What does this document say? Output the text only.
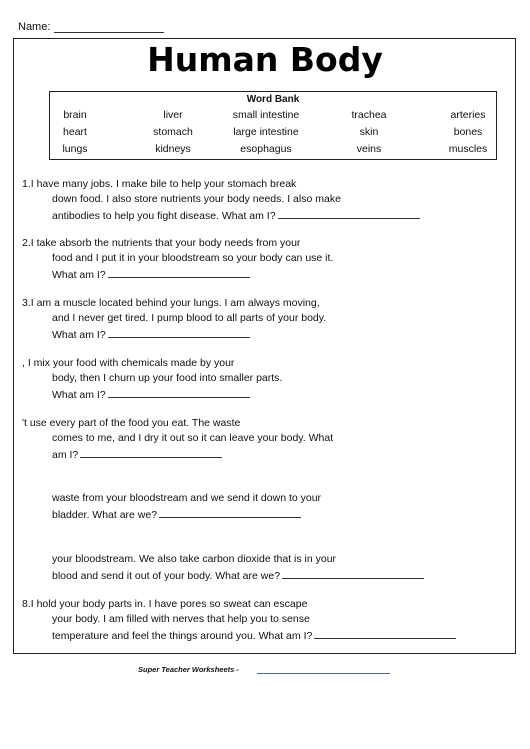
Name:
Human Body
Word Bank
brain	liver	small intestine	trachea	arteries
heart	stomach	large intestine	skin	bones
lungs	kidneys	esophagus	veins	muscles
1.I have many jobs. I make bile to help your stomach break
down food. I also store nutrients your body needs. I also make
antibodies to help you fight disease. What am I?
2.I take absorb the nutrients that your body needs from your
food and I put it in your bloodstream so your body can use it.
What am I?
3.I am a muscle located behind your lungs. I am always moving,
and I never get tired. I pump blood to all parts of your body.
What am I?
, I mix your food with chemicals made by your
body, then I churn up your food into smaller parts.
What am I?
't use every part of the food you eat. The waste
comes to me, and I dry it out so it can leave your body. What
am I?
waste from your bloodstream and we send it down to your
bladder. What are we?
your bloodstream. We also take carbon dioxide that is in your
blood and send it out of your body. What are we?
8.I hold your body parts in. I have pores so sweat can escape
your body. I am filled with nerves that help you to sense
temperature and feel the things around you. What am I?
Super Teacher Worksheets -
